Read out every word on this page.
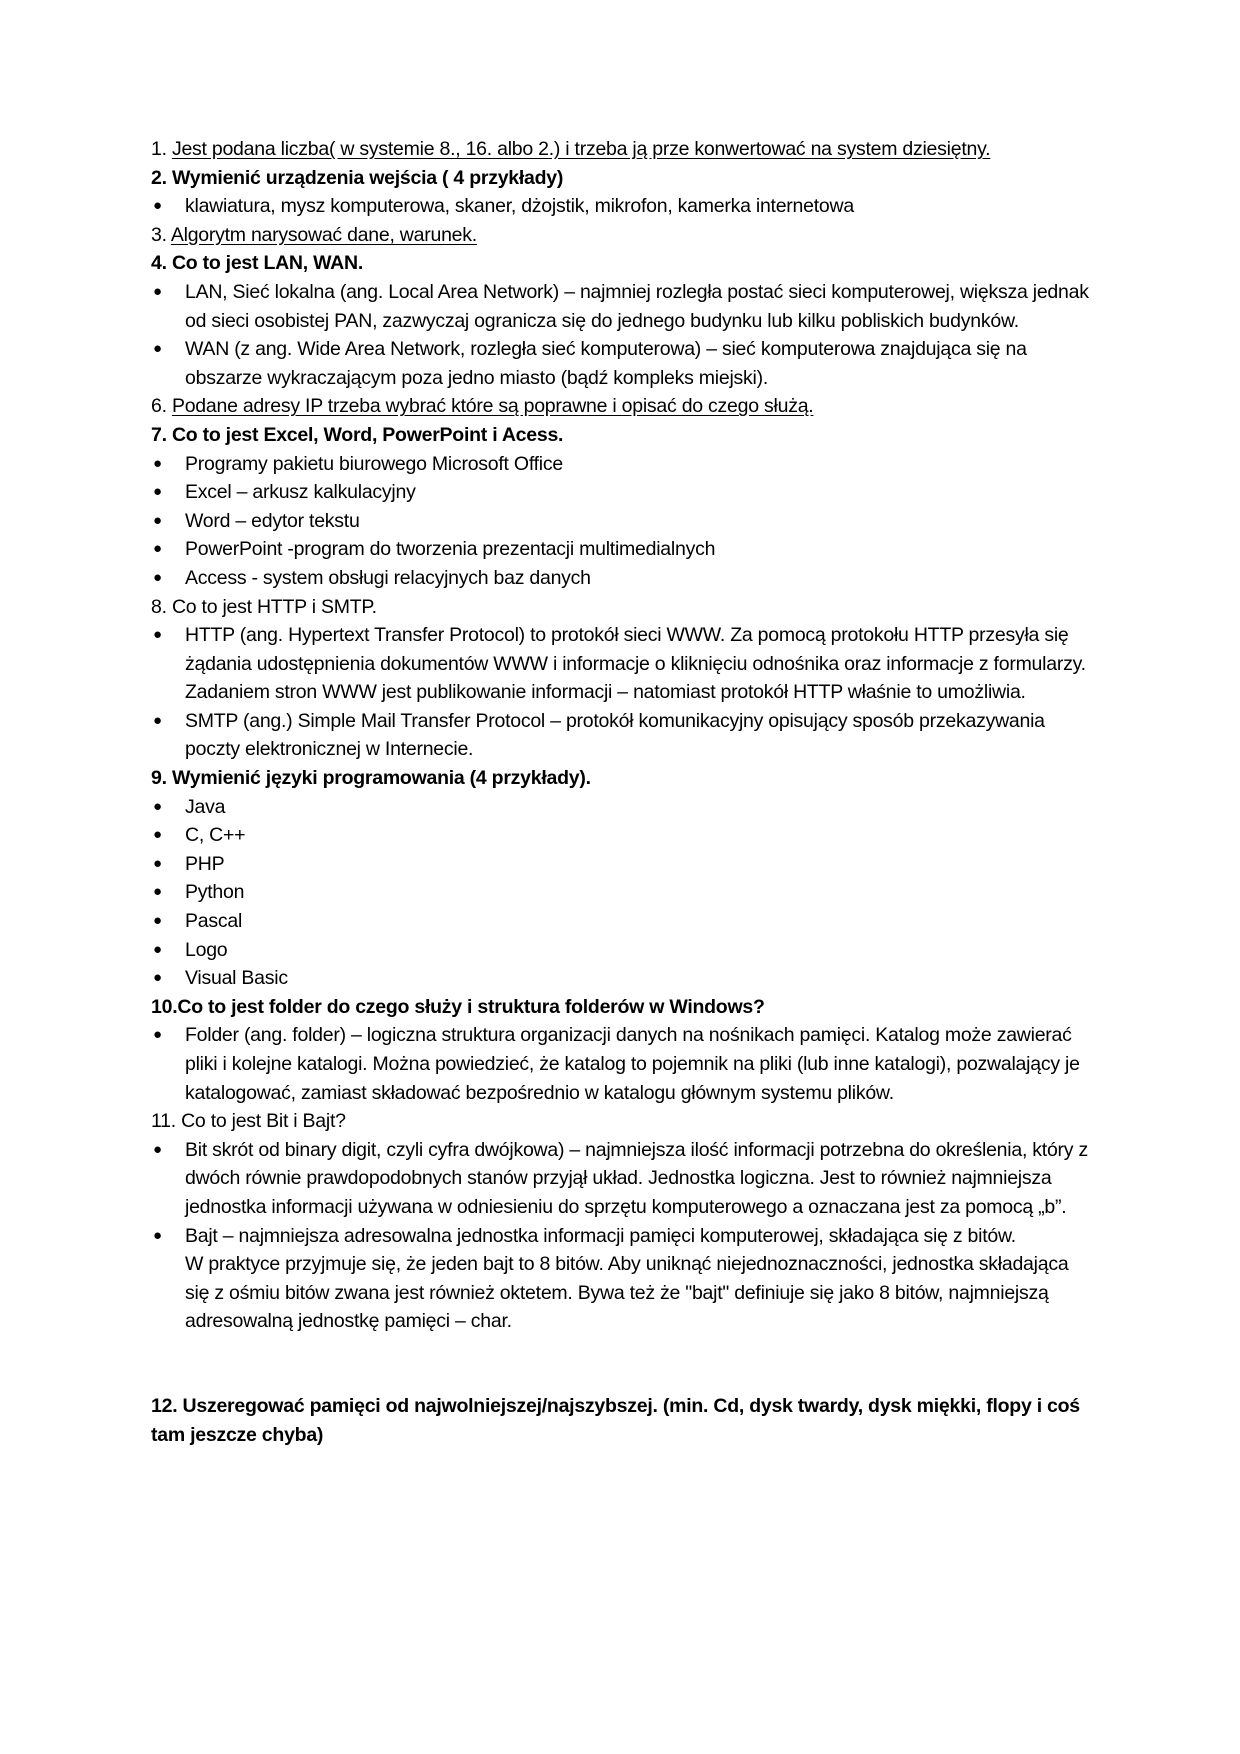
1. Jest podana liczba( w systemie 8., 16. albo 2.) i trzeba ją prze konwertować na system dziesiętny.

2. Wymienić urządzenia wejścia ( 4 przykłady)

●	klawiatura, mysz komputerowa, skaner, dżojstik, mikrofon, kamerka internetowa

3. Algorytm narysować dane, warunek.

4. Co to jest LAN, WAN.

●	LAN, Sieć lokalna (ang. Local Area Network) – najmniej rozległa postać sieci komputerowej, większa jednak od sieci osobistej PAN, zazwyczaj ogranicza się do jednego budynku lub kilku pobliskich budynków.
●	WAN (z ang. Wide Area Network, rozległa sieć komputerowa) – sieć komputerowa znajdująca się na obszarze wykraczającym poza jedno miasto (bądź kompleks miejski).

6. Podane adresy IP trzeba wybrać które są poprawne i opisać do czego służą.

7. Co to jest Excel, Word, PowerPoint i Acess.

●	Programy pakietu biurowego Microsoft Office
●	Excel – arkusz kalkulacyjny
●	Word – edytor tekstu
●	PowerPoint -program do tworzenia prezentacji multimedialnych
●	Access - system obsługi relacyjnych baz danych

8. Co to jest HTTP i SMTP.

●	HTTP (ang. Hypertext Transfer Protocol) to protokół sieci WWW. Za pomocą protokołu HTTP przesyła się żądania udostępnienia dokumentów WWW i informacje o kliknięciu odnośnika oraz informacje z formularzy. Zadaniem stron WWW jest publikowanie informacji – natomiast protokół HTTP właśnie to umożliwia.
●	SMTP (ang.) Simple Mail Transfer Protocol – protokół komunikacyjny opisujący sposób przekazywania poczty elektronicznej w Internecie.

9. Wymienić języki programowania (4 przykłady).

●	Java
●	C, C++
●	PHP
●	Python
●	Pascal
●	Logo
●	Visual Basic

10.Co to jest folder do czego służy i struktura folderów w Windows?

●	Folder (ang. folder) – logiczna struktura organizacji danych na nośnikach pamięci. Katalog może zawierać pliki i kolejne katalogi. Można powiedzieć, że katalog to pojemnik na pliki (lub inne katalogi), pozwalający je katalogować, zamiast składować bezpośrednio w katalogu głównym systemu plików.

11. Co to jest Bit i Bajt?

●	Bit skrót od binary digit, czyli cyfra dwójkowa) – najmniejsza ilość informacji potrzebna do określenia, który z dwóch równie prawdopodobnych stanów przyjął układ. Jednostka logiczna. Jest to również najmniejsza jednostka informacji używana w odniesieniu do sprzętu komputerowego a oznaczana jest za pomocą „b”.
●	Bajt – najmniejsza adresowalna jednostka informacji pamięci komputerowej, składająca się z bitów.

W praktyce przyjmuje się, że jeden bajt to 8 bitów. Aby uniknąć niejednoznaczności, jednostka składająca się z ośmiu bitów zwana jest również oktetem. Bywa też że "bajt" definiuje się jako 8 bitów, najmniejszą adresowalną jednostkę pamięci – char.

12. Uszeregować pamięci od najwolniejszej/najszybszej. (min. Cd, dysk twardy, dysk miękki, flopy i coś tam jeszcze chyba)
